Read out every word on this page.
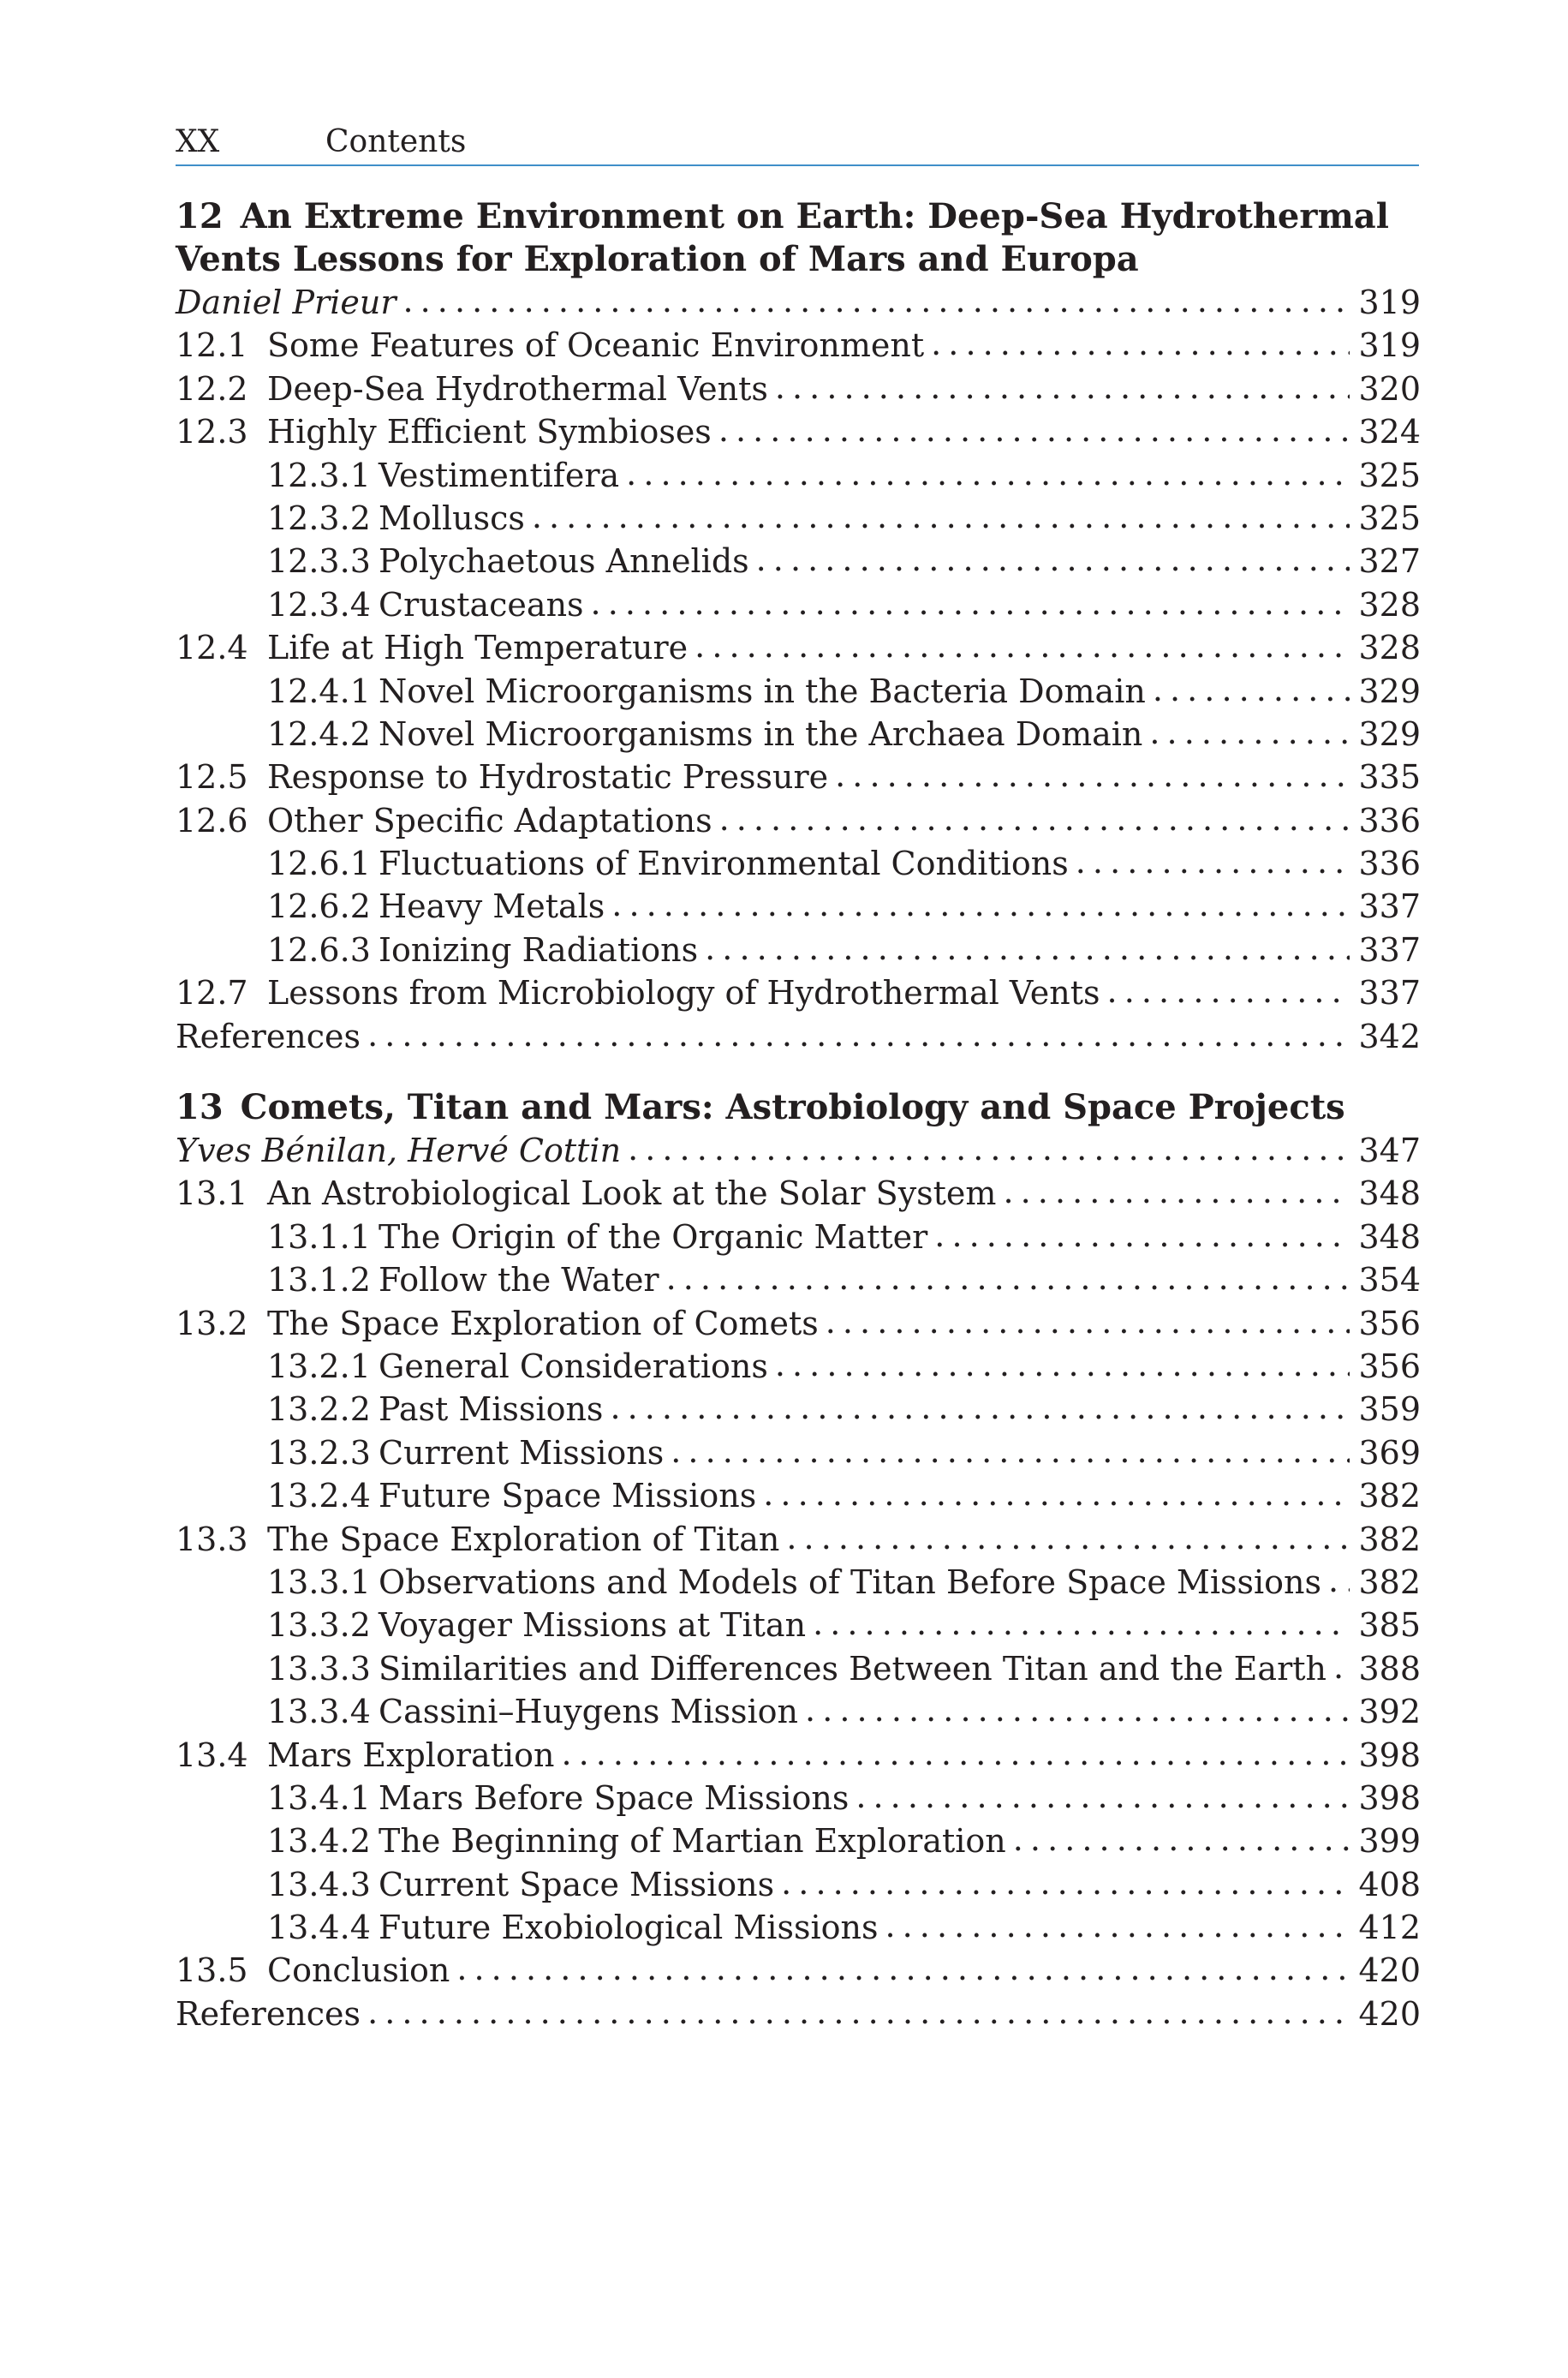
XX	Contents
12 An Extreme Environment on Earth: Deep-Sea Hydrothermal
Vents Lessons for Exploration of Mars and Europa
Daniel Prieur . . .	319
12.1 Some Features of Oceanic Environment . . .	319
12.2 Deep-Sea Hydrothermal Vents . . .	320
12.3 Highly Efficient Symbioses . . .	324
12.3.1 Vestimentifera . . .	325
12.3.2 Molluscs . . .	325
12.3.3 Polychaetous Annelids . . .	327
12.3.4 Crustaceans . . .	328
12.4 Life at High Temperature . . .	328
12.4.1 Novel Microorganisms in the Bacteria Domain . . .	329
12.4.2 Novel Microorganisms in the Archaea Domain . . .	329
12.5 Response to Hydrostatic Pressure . . .	335
12.6 Other Specific Adaptations . . .	336
12.6.1 Fluctuations of Environmental Conditions . . .	336
12.6.2 Heavy Metals . . .	337
12.6.3 Ionizing Radiations . . .	337
12.7 Lessons from Microbiology of Hydrothermal Vents . . .	337
References . . .	342
13 Comets, Titan and Mars: Astrobiology and Space Projects
Yves Bénilan, Hervé Cottin . . .	347
13.1 An Astrobiological Look at the Solar System . . .	348
13.1.1 The Origin of the Organic Matter . . .	348
13.1.2 Follow the Water . . .	354
13.2 The Space Exploration of Comets . . .	356
13.2.1 General Considerations . . .	356
13.2.2 Past Missions . . .	359
13.2.3 Current Missions . . .	369
13.2.4 Future Space Missions . . .	382
13.3 The Space Exploration of Titan . . .	382
13.3.1 Observations and Models of Titan Before Space Missions . . . 382
13.3.2 Voyager Missions at Titan . . .	385
13.3.3 Similarities and Differences Between Titan and the Earth . . . 388
13.3.4 Cassini–Huygens Mission . . .	392
13.4 Mars Exploration . . .	398
13.4.1 Mars Before Space Missions . . .	398
13.4.2 The Beginning of Martian Exploration . . .	399
13.4.3 Current Space Missions . . .	408
13.4.4 Future Exobiological Missions . . .	412
13.5 Conclusion . . .	420
References . . .	420
